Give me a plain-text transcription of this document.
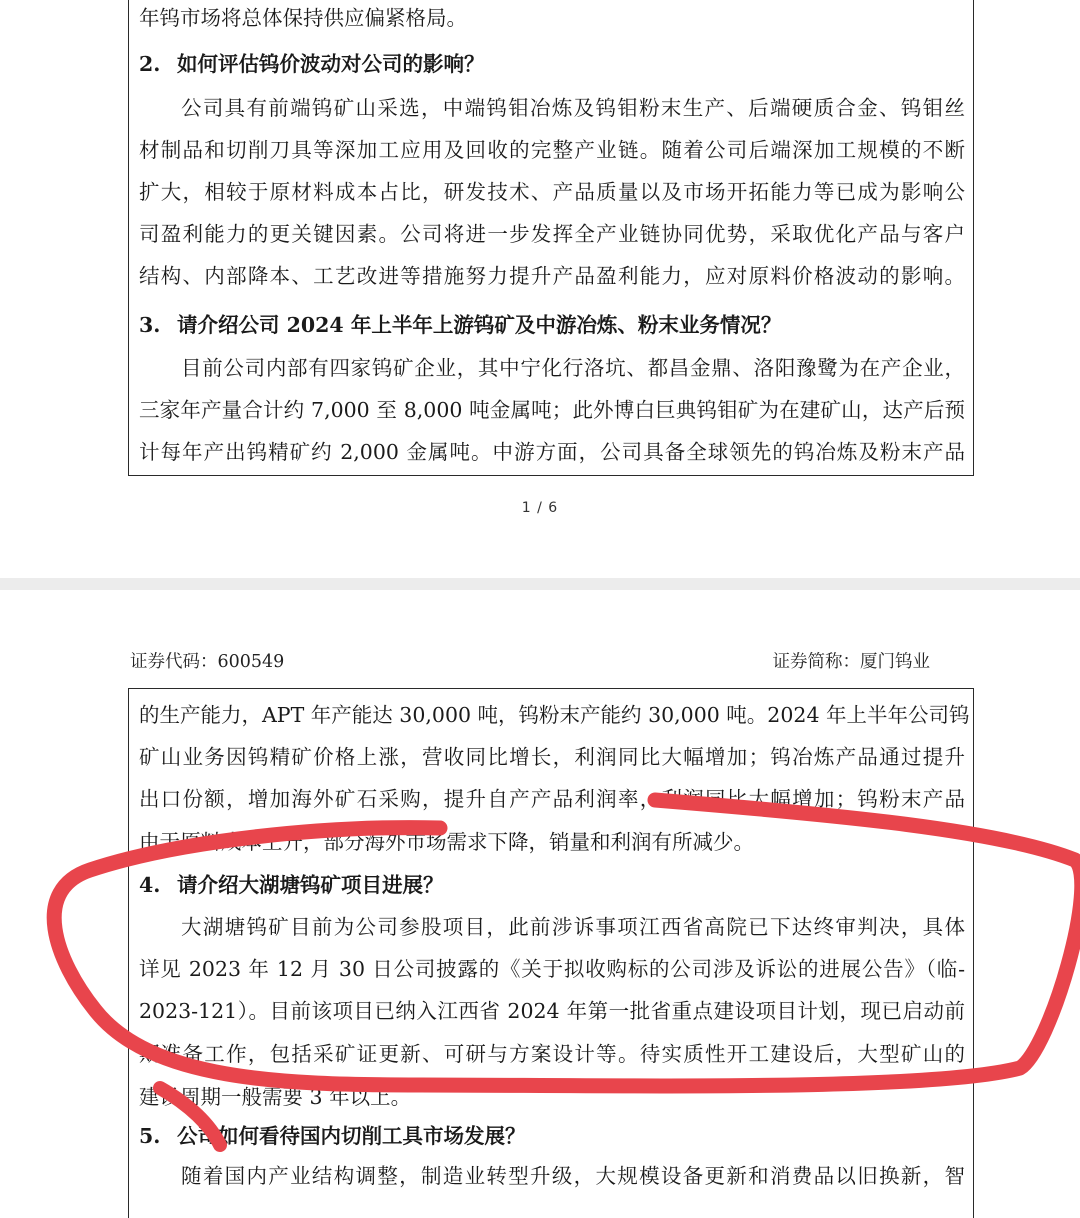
年钨市场将总体保持供应偏紧格局。
2. 如何评估钨价波动对公司的影响？
公司具有前端钨矿山采选，中端钨钼冶炼及钨钼粉末生产、后端硬质合金、钨钼丝
材制品和切削刀具等深加工应用及回收的完整产业链。随着公司后端深加工规模的不断
扩大，相较于原材料成本占比，研发技术、产品质量以及市场开拓能力等已成为影响公
司盈利能力的更关键因素。公司将进一步发挥全产业链协同优势，采取优化产品与客户
结构、内部降本、工艺改进等措施努力提升产品盈利能力，应对原料价格波动的影响。
3. 请介绍公司 2024 年上半年上游钨矿及中游冶炼、粉末业务情况？
目前公司内部有四家钨矿企业，其中宁化行洛坑、都昌金鼎、洛阳豫鹭为在产企业，
三家年产量合计约 7,000 至 8,000 吨金属吨；此外博白巨典钨钼矿为在建矿山，达产后预
计每年产出钨精矿约 2,000 金属吨。中游方面，公司具备全球领先的钨冶炼及粉末产品
1 / 6
证券代码：600549	证券简称：厦门钨业
的生产能力，APT 年产能达 30,000 吨，钨粉末产能约 30,000 吨。2024 年上半年公司钨
矿山业务因钨精矿价格上涨，营收同比增长，利润同比大幅增加；钨冶炼产品通过提升
出口份额，增加海外矿石采购，提升自产产品利润率，利润同比大幅增加；钨粉末产品
由于原料成本上升，部分海外市场需求下降，销量和利润有所减少。
4. 请介绍大湖塘钨矿项目进展？
大湖塘钨矿目前为公司参股项目，此前涉诉事项江西省高院已下达终审判决，具体
详见 2023 年 12 月 30 日公司披露的《关于拟收购标的公司涉及诉讼的进展公告》（临-
2023-121）。目前该项目已纳入江西省 2024 年第一批省重点建设项目计划，现已启动前
期准备工作，包括采矿证更新、可研与方案设计等。待实质性开工建设后，大型矿山的
建设周期一般需要 3 年以上。
5. 公司如何看待国内切削工具市场发展？
随着国内产业结构调整，制造业转型升级，大规模设备更新和消费品以旧换新，智
